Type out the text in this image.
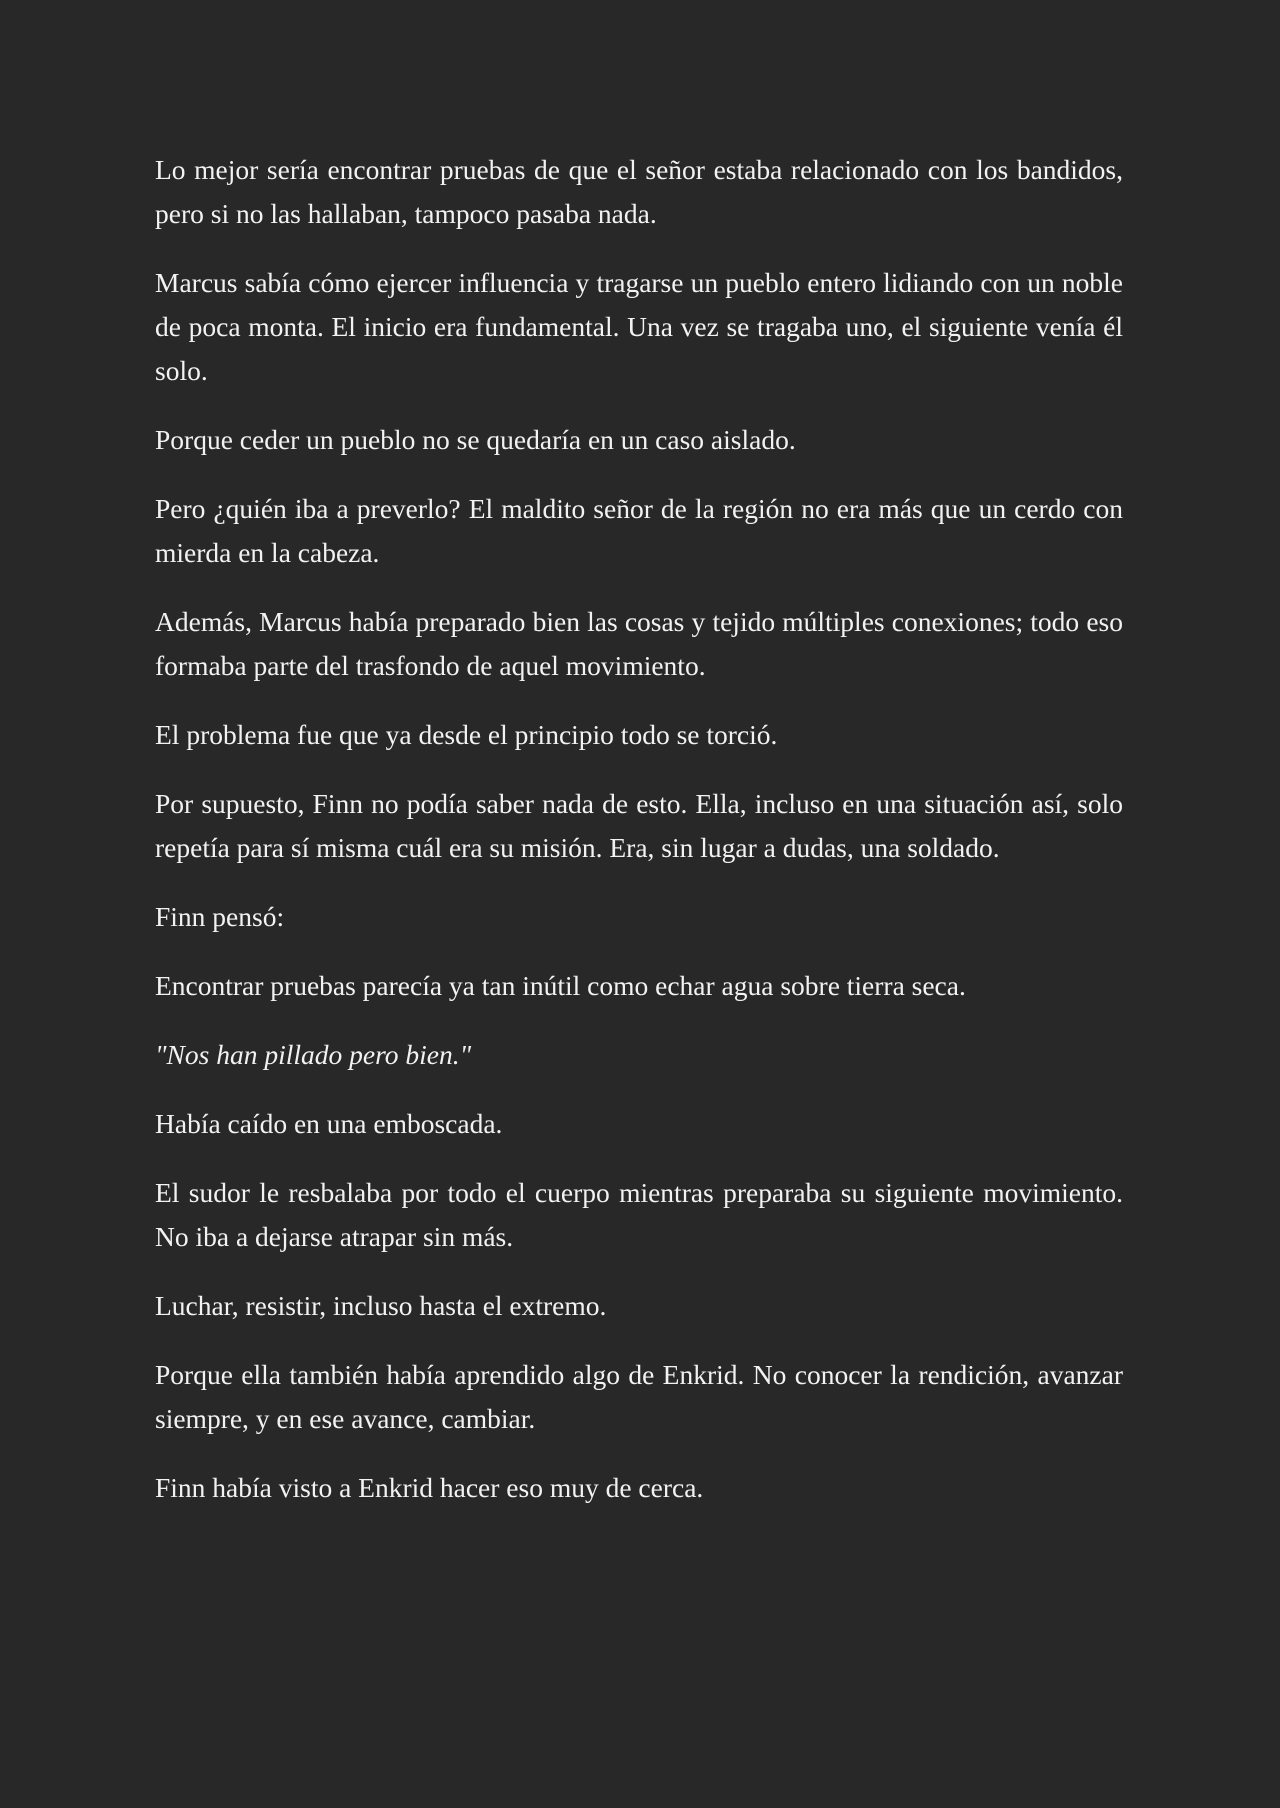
Lo mejor sería encontrar pruebas de que el señor estaba relacionado con los bandidos, pero si no las hallaban, tampoco pasaba nada.

Marcus sabía cómo ejercer influencia y tragarse un pueblo entero lidiando con un noble de poca monta. El inicio era fundamental. Una vez se tragaba uno, el siguiente venía él solo.

Porque ceder un pueblo no se quedaría en un caso aislado.

Pero ¿quién iba a preverlo? El maldito señor de la región no era más que un cerdo con mierda en la cabeza.

Además, Marcus había preparado bien las cosas y tejido múltiples conexiones; todo eso formaba parte del trasfondo de aquel movimiento.

El problema fue que ya desde el principio todo se torció.

Por supuesto, Finn no podía saber nada de esto. Ella, incluso en una situación así, solo repetía para sí misma cuál era su misión. Era, sin lugar a dudas, una soldado.

Finn pensó:

Encontrar pruebas parecía ya tan inútil como echar agua sobre tierra seca.

"Nos han pillado pero bien."

Había caído en una emboscada.

El sudor le resbalaba por todo el cuerpo mientras preparaba su siguiente movimiento. No iba a dejarse atrapar sin más.

Luchar, resistir, incluso hasta el extremo.

Porque ella también había aprendido algo de Enkrid. No conocer la rendición, avanzar siempre, y en ese avance, cambiar.

Finn había visto a Enkrid hacer eso muy de cerca.
